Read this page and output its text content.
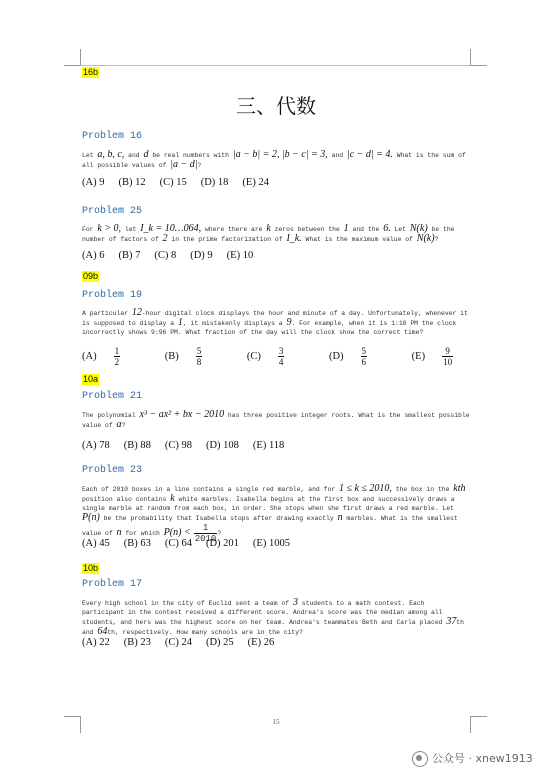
16b
三、代数
Problem 16
Let a, b, c, and d be real numbers with |a − b| = 2, |b − c| = 3, and |c − d| = 4. What is the sum of all possible values of |a − d|?
(A) 9 (B) 12 (C) 15 (D) 18 (E) 24
Problem 25
For k > 0, let I_k = 10…064, where there are k zeros between the 1 and the 6. Let N(k) be the number of factors of 2 in the prime factorization of I_k. What is the maximum value of N(k)?
(A) 6 (B) 7 (C) 8 (D) 9 (E) 10
09b
Problem 19
A particular 12-hour digital clock displays the hour and minute of a day. Unfortunately, whenever it is supposed to display a 1, it mistakenly displays a 9. For example, when it is 1:16 PM the clock incorrectly shows 9:96 PM. What fraction of the day will the clock show the correct time?
$(A) \frac{1}{2}$	$(B) \frac{5}{8}$	$(C) \frac{3}{4}$	$(D) \frac{5}{6}$	$(E) \frac{9}{10}$
10a
Problem 21
The polynomial x³ − ax² + bx − 2010 has three positive integer roots. What is the smallest possible value of a?
(A) 78 (B) 88 (C) 98 (D) 108 (E) 118
Problem 23
Each of 2010 boxes in a line contains a single red marble, and for 1 ≤ k ≤ 2010, the box in the kth position also contains k white marbles. Isabella begins at the first box and successively draws a single marble at random from each box, in order. She stops when she first draws a red marble. Let P(n) be the probability that Isabella stops after drawing exactly n marbles. What is the smallest value of n for which $P(n) < \frac{1}{2010}$ ?
(A) 45 (B) 63 (C) 64 (D) 201 (E) 1005
10b
Problem 17
Every high school in the city of Euclid sent a team of 3 students to a math contest. Each participant in the contest received a different score. Andrea's score was the median among all students, and hers was the highest score on her team. Andrea's teammates Beth and Carla placed 37th and 64th, respectively. How many schools are in the city?
(A) 22 (B) 23 (C) 24 (D) 25 (E) 26
15
公众号 · xnew1913
